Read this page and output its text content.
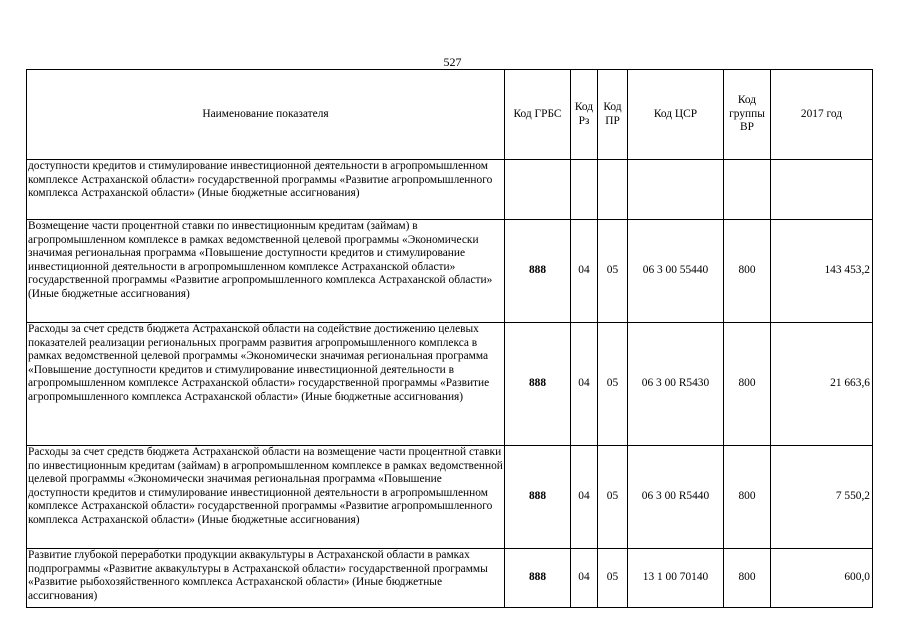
527
Наименование показателя	Код ГРБС	Код Рз	Код ПР	Код ЦСР	Код группы ВР	2017 год
доступности кредитов и стимулирование инвестиционной деятельности в агропромышленном комплексе Астраханской области» государственной программы «Развитие агропромышленного комплекса Астраханской области» (Иные бюджетные ассигнования)						
Возмещение части процентной ставки по инвестиционным кредитам (займам) в агропромышленном комплексе в рамках ведомственной целевой программы «Экономически значимая региональная программа «Повышение доступности кредитов и стимулирование инвестиционной деятельности в агропромышленном комплексе Астраханской области» государственной программы «Развитие агропромышленного комплекса Астраханской области» (Иные бюджетные ассигнования)	888	04	05	06 3 00 55440	800	143 453,2
Расходы за счет средств бюджета Астраханской области на содействие достижению целевых показателей реализации региональных программ развития агропромышленного комплекса в рамках ведомственной целевой программы «Экономически значимая региональная программа «Повышение доступности кредитов и стимулирование инвестиционной деятельности в агропромышленном комплексе Астраханской области» государственной программы «Развитие агропромышленного комплекса Астраханской области» (Иные бюджетные ассигнования)	888	04	05	06 3 00 R5430	800	21 663,6
Расходы за счет средств бюджета Астраханской области на возмещение части процентной ставки по инвестиционным кредитам (займам) в агропромышленном комплексе в рамках ведомственной целевой программы «Экономически значимая региональная программа «Повышение доступности кредитов и стимулирование инвестиционной деятельности в агропромышленном комплексе Астраханской области» государственной программы «Развитие агропромышленного комплекса Астраханской области» (Иные бюджетные ассигнования)	888	04	05	06 3 00 R5440	800	7 550,2
Развитие глубокой переработки продукции аквакультуры в Астраханской области в рамках подпрограммы «Развитие аквакультуры в Астраханской области» государственной программы «Развитие рыбохозяйственного комплекса Астраханской области» (Иные бюджетные ассигнования)	888	04	05	13 1 00 70140	800	600,0
